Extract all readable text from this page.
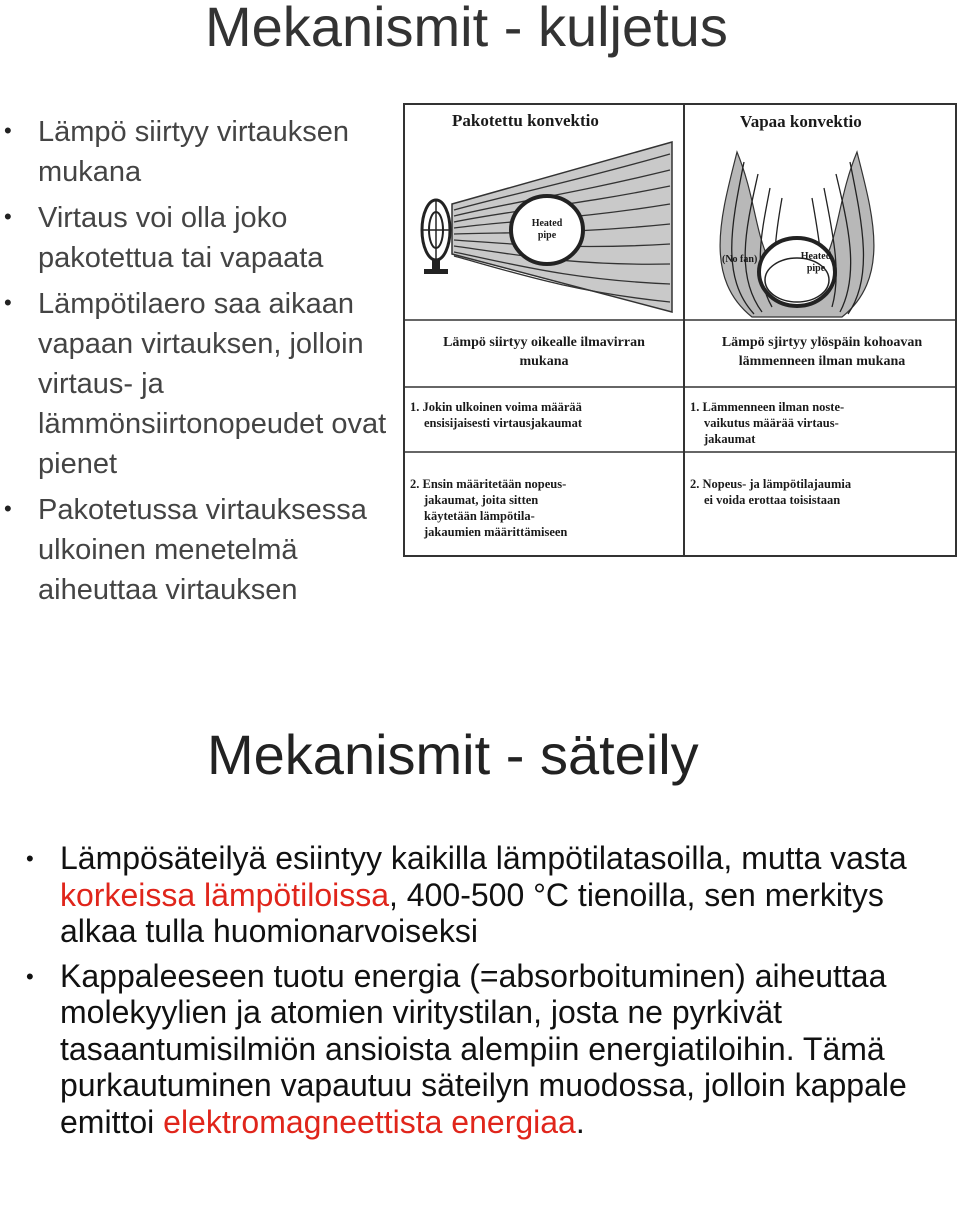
Mekanismit - kuljetus
• Lämpö siirtyy virtauksen mukana
• Virtaus voi olla joko pakotettua tai vapaata
• Lämpötilaero saa aikaan vapaan virtauksen, jolloin virtaus- ja lämmönsiirtonopeudet ovat pienet
• Pakotetussa virtauksessa ulkoinen menetelmä aiheuttaa virtauksen
Pakotettu konvektio	Vapaa konvektio
Heated
pipe
Heated
pipe
(No fan)
Lämpö siirtyy oikealle ilmavirran
mukana
Lämpö sjirtyy ylöspäin kohoavan
lämmenneen ilman mukana
1. Jokin ulkoinen voima määrää
ensisijaisesti virtausjakaumat
1. Lämmenneen ilman noste-
vaikutus määrää virtaus-
jakaumat
2. Ensin määritetään nopeus-
jakaumat, joita sitten
käytetään lämpötila-
jakaumien määrittämiseen
2. Nopeus- ja lämpötilajaumia
ei voida erottaa toisistaan
Mekanismit - säteily
• Lämpösäteilyä esiintyy kaikilla lämpötilatasoilla, mutta vasta korkeissa lämpötiloissa, 400-500 °C tienoilla, sen merkitys alkaa tulla huomionarvoiseksi
• Kappaleeseen tuotu energia (=absorboituminen) aiheuttaa molekyylien ja atomien viritystilan, josta ne pyrkivät tasaantumisilmiön ansioista alempiin energiatiloihin. Tämä purkautuminen vapautuu säteilyn muodossa, jolloin kappale emittoi elektromagneettista energiaa.
